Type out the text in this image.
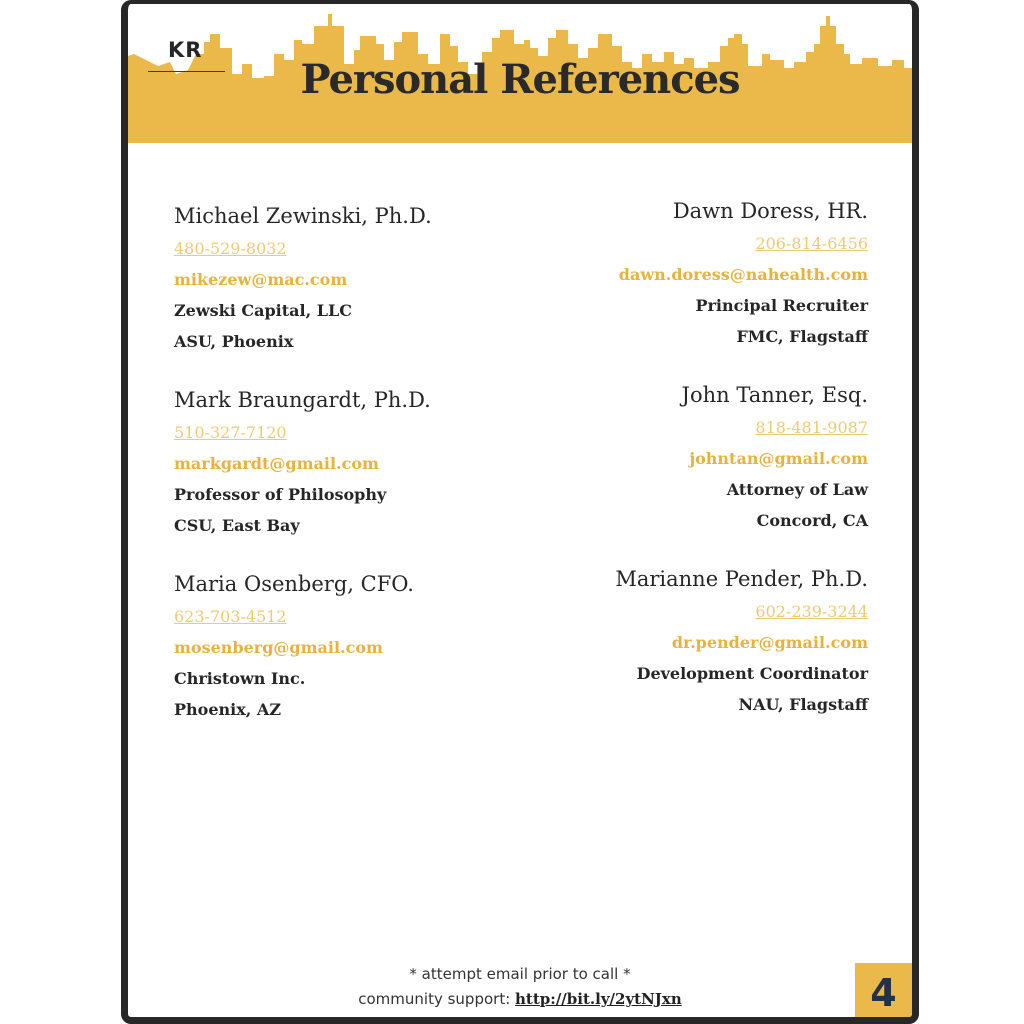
KR
Personal References
Michael Zewinski, Ph.D.
480-529-8032
mikezew@mac.com
Zewski Capital, LLC
ASU, Phoenix
Mark Braungardt, Ph.D.
510-327-7120
markgardt@gmail.com
Professor of Philosophy
CSU, East Bay
Maria Osenberg, CFO.
623-703-4512
mosenberg@gmail.com
Christown Inc.
Phoenix, AZ
Dawn Doress, HR.
206-814-6456
dawn.doress@nahealth.com
Principal Recruiter
FMC, Flagstaff
John Tanner, Esq.
818-481-9087
johntan@gmail.com
Attorney of Law
Concord, CA
Marianne Pender, Ph.D.
602-239-3244
dr.pender@gmail.com
Development Coordinator
NAU, Flagstaff
* attempt email prior to call *
community support: http://bit.ly/2ytNJxn	4
